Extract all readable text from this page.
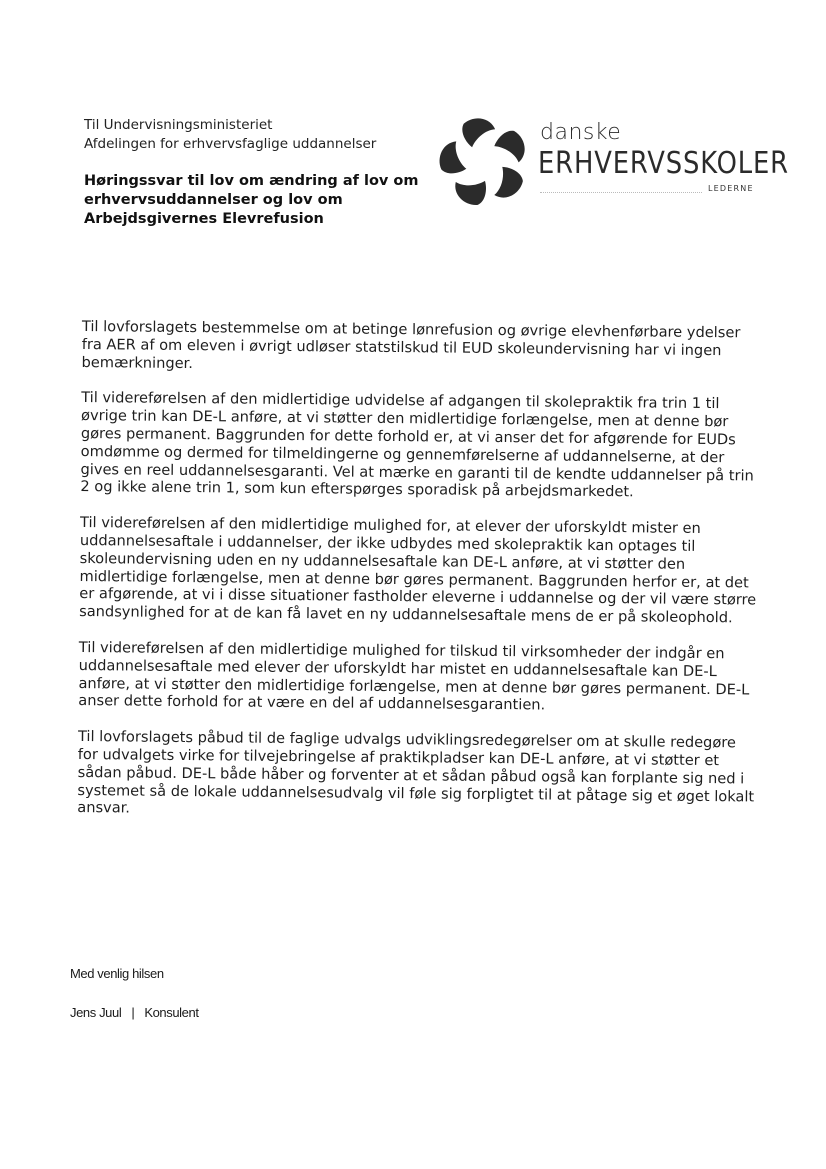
Til Undervisningsministeriet
Afdelingen for erhvervsfaglige uddannelser
Høringssvar til lov om ændring af lov om erhvervsuddannelser og lov om Arbejdsgivernes Elevrefusion
danske
ERHVERVSSKOLER
LEDERNE

Til lovforslagets bestemmelse om at betinge lønrefusion og øvrige elevhenførbare ydelser fra AER af om eleven i øvrigt udløser statstilskud til EUD skoleundervisning har vi ingen bemærkninger.

Til videreførelsen af den midlertidige udvidelse af adgangen til skolepraktik fra trin 1 til øvrige trin kan DE-L anføre, at vi støtter den midlertidige forlængelse, men at denne bør gøres permanent. Baggrunden for dette forhold er, at vi anser det for afgørende for EUDs omdømme og dermed for tilmeldingerne og gennemførelserne af uddannelserne, at der gives en reel uddannelsesgaranti. Vel at mærke en garanti til de kendte uddannelser på trin 2 og ikke alene trin 1, som kun efterspørges sporadisk på arbejdsmarkedet.

Til videreførelsen af den midlertidige mulighed for, at elever der uforskyldt mister en uddannelsesaftale i uddannelser, der ikke udbydes med skolepraktik kan optages til skoleundervisning uden en ny uddannelsesaftale kan DE-L anføre, at vi støtter den midlertidige forlængelse, men at denne bør gøres permanent. Baggrunden herfor er, at det er afgørende, at vi i disse situationer fastholder eleverne i uddannelse og der vil være større sandsynlighed for at de kan få lavet en ny uddannelsesaftale mens de er på skoleophold.

Til videreførelsen af den midlertidige mulighed for tilskud til virksomheder der indgår en uddannelsesaftale med elever der uforskyldt har mistet en uddannelsesaftale kan DE-L anføre, at vi støtter den midlertidige forlængelse, men at denne bør gøres permanent. DE-L anser dette forhold for at være en del af uddannelsesgarantien.

Til lovforslagets påbud til de faglige udvalgs udviklingsredegørelser om at skulle redegøre for udvalgets virke for tilvejebringelse af praktikpladser kan DE-L anføre, at vi støtter et sådan påbud. DE-L både håber og forventer at et sådan påbud også kan forplante sig ned i systemet så de lokale uddannelsesudvalg vil føle sig forpligtet til at påtage sig et øget lokalt ansvar.

Med venlig hilsen
Jens Juul | Konsulent
